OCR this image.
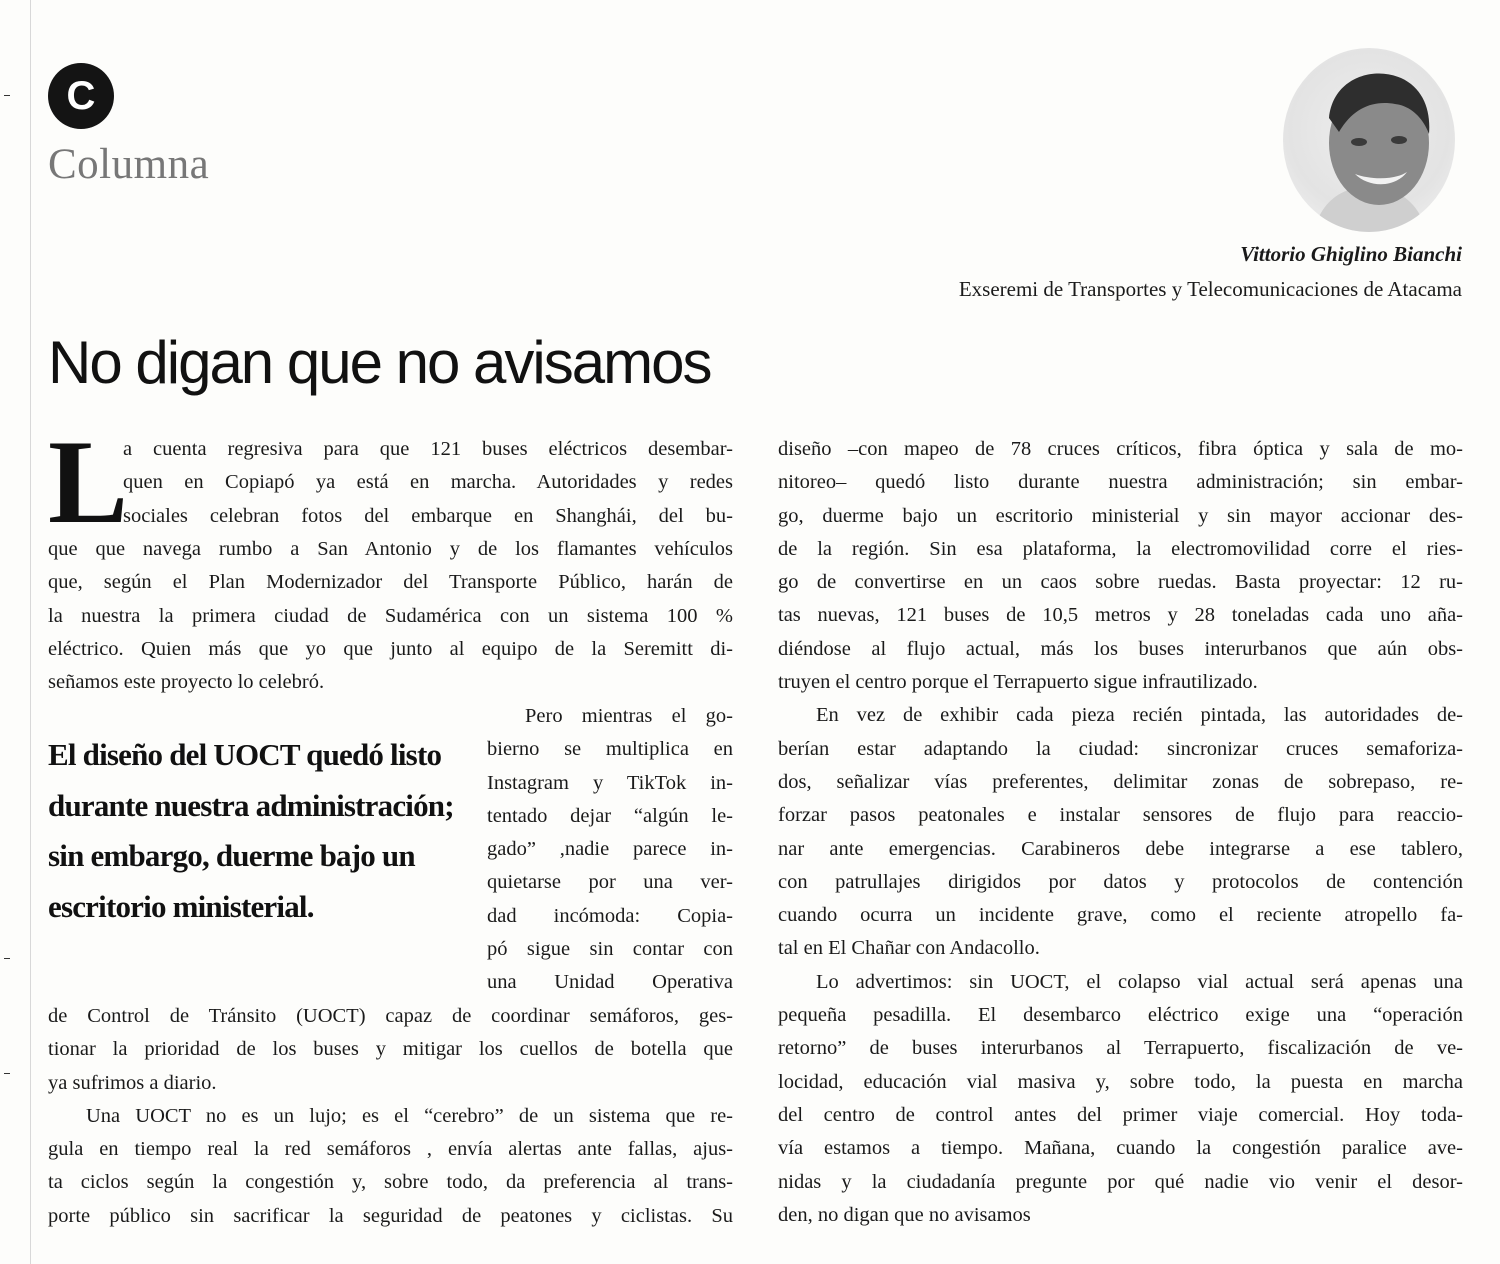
C
Columna
Vittorio Ghiglino Bianchi
Exseremi de Transportes y Telecomunicaciones de Atacama
No digan que no avisamos
L
a cuenta regresiva para que 121 buses eléctricos desembar-
quen en Copiapó ya está en marcha. Autoridades y redes
sociales celebran fotos del embarque en Shanghái, del bu-
que que navega rumbo a San Antonio y de los flamantes vehículos
que, según el Plan Modernizador del Transporte Público, harán de
la nuestra la primera ciudad de Sudamérica con un sistema 100 %
eléctrico. Quien más que yo que junto al equipo de la Seremitt di-
señamos este proyecto lo celebró.
El diseño del UOCT quedó listo durante nuestra administración; sin embargo, duerme bajo un escritorio ministerial.
Pero mientras el go-
bierno se multiplica en
Instagram y TikTok in-
tentado dejar “algún le-
gado” ,nadie parece in-
quietarse por una ver-
dad incómoda: Copia-
pó sigue sin contar con
una Unidad Operativa
de Control de Tránsito (UOCT) capaz de coordinar semáforos, ges-
tionar la prioridad de los buses y mitigar los cuellos de botella que
ya sufrimos a diario.
Una UOCT no es un lujo; es el “cerebro” de un sistema que re-
gula en tiempo real la red semáforos , envía alertas ante fallas, ajus-
ta ciclos según la congestión y, sobre todo, da preferencia al trans-
porte público sin sacrificar la seguridad de peatones y ciclistas. Su
diseño –con mapeo de 78 cruces críticos, fibra óptica y sala de mo-
nitoreo– quedó listo durante nuestra administración; sin embar-
go, duerme bajo un escritorio ministerial y sin mayor accionar des-
de la región. Sin esa plataforma, la electromovilidad corre el ries-
go de convertirse en un caos sobre ruedas. Basta proyectar: 12 ru-
tas nuevas, 121 buses de 10,5 metros y 28 toneladas cada uno aña-
diéndose al flujo actual, más los buses interurbanos que aún obs-
truyen el centro porque el Terrapuerto sigue infrautilizado.
En vez de exhibir cada pieza recién pintada, las autoridades de-
berían estar adaptando la ciudad: sincronizar cruces semaforiza-
dos, señalizar vías preferentes, delimitar zonas de sobrepaso, re-
forzar pasos peatonales e instalar sensores de flujo para reaccio-
nar ante emergencias. Carabineros debe integrarse a ese tablero,
con patrullajes dirigidos por datos y protocolos de contención
cuando ocurra un incidente grave, como el reciente atropello fa-
tal en El Chañar con Andacollo.
Lo advertimos: sin UOCT, el colapso vial actual será apenas una
pequeña pesadilla. El desembarco eléctrico exige una “operación
retorno” de buses interurbanos al Terrapuerto, fiscalización de ve-
locidad, educación vial masiva y, sobre todo, la puesta en marcha
del centro de control antes del primer viaje comercial. Hoy toda-
vía estamos a tiempo. Mañana, cuando la congestión paralice ave-
nidas y la ciudadanía pregunte por qué nadie vio venir el desor-
den, no digan que no avisamos
